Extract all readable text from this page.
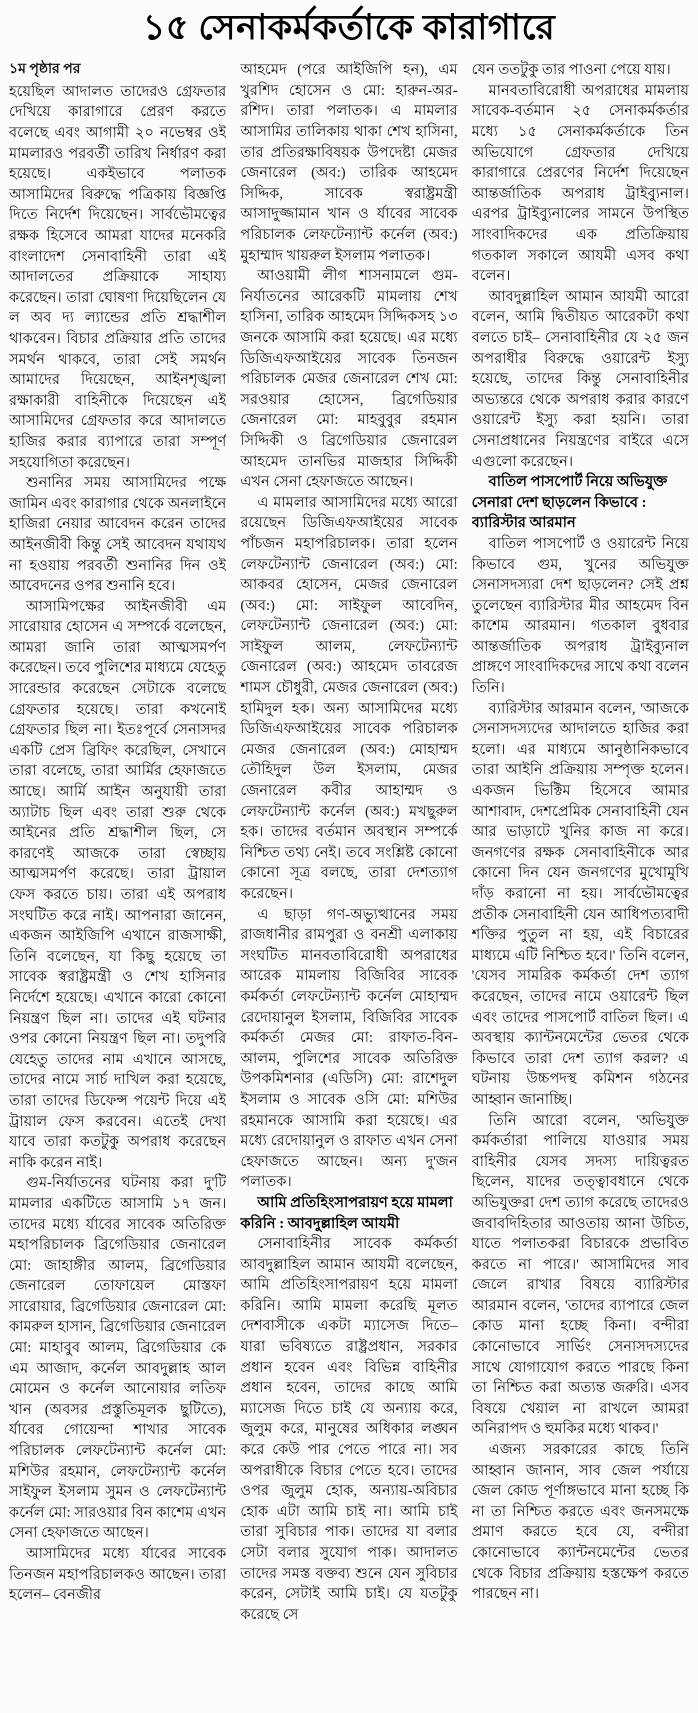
১৫ সেনাকর্মকর্তাকে কারাগারে
১ম পৃষ্ঠার পর

হয়েছিল আদালত তাদেরও গ্রেফতার দেখিয়ে কারাগারে প্রেরণ করতে বলেছে এবং আগামী ২০ নভেম্বর ওই মামলারও পরবর্তী তারিখ নির্ধারণ করা হয়েছে। একইভাবে পলাতক আসামিদের বিরুদ্ধে পত্রিকায় বিজ্ঞপ্তি দিতে নির্দেশ দিয়েছেন। সার্বভৌমত্বের রক্ষক হিসেবে আমরা যাদের মনেকরি বাংলাদেশ সেনাবাহিনী তারা এই আদালতের প্রক্রিয়াকে সাহায্য করেছেন। তারা ঘোষণা দিয়েছিলেন যে ল অব দ্য ল্যান্ডের প্রতি শ্রদ্ধাশীল থাকবেন। বিচার প্রক্রিয়ার প্রতি তাদের সমর্থন থাকবে, তারা সেই সমর্থন আমাদের দিয়েছেন, আইনশৃঙ্খলা রক্ষাকারী বাহিনীকে দিয়েছেন এই আসামিদের গ্রেফতার করে আদালতে হাজির করার ব্যাপারে তারা সম্পূর্ণ সহযোগিতা করেছেন।

শুনানির সময় আসামিদের পক্ষে জামিন এবং কারাগার থেকে অনলাইনে হাজিরা নেয়ার আবেদন করেন তাদের আইনজীবী কিন্তু সেই আবেদন যথাযথ না হওয়ায় পরবর্তী শুনানির দিন ওই আবেদনের ওপর শুনানি হবে।

আসামিপক্ষের আইনজীবী এম সারোয়ার হোসেন এ সম্পর্কে বলেছেন, আমরা জানি তারা আত্মসমর্পণ করেছেন। তবে পুলিশের মাধ্যমে যেহেতু সারেন্ডার করেছেন সেটাকে বলেছে গ্রেফতার হয়েছে। তারা কখনোই গ্রেফতার ছিল না। ইতঃপূর্বে সেনাসদর একটি প্রেস ব্রিফিং করেছিল, সেখানে তারা বলেছে, তারা আর্মির হেফাজতে আছে। আর্মি আইন অনুযায়ী তারা অ্যাটাচ ছিল এবং তারা শুরু থেকে আইনের প্রতি শ্রদ্ধাশীল ছিল, সে কারণেই আজকে তারা স্বেচ্ছায় আত্মসমর্পণ করেছে। তারা ট্রায়াল ফেস করতে চায়। তারা এই অপরাধ সংঘটিত করে নাই। আপনারা জানেন, একজন আইজিপি এখানে রাজসাক্ষী, তিনি বলেছেন, যা কিছু হয়েছে তা সাবেক স্বরাষ্ট্রমন্ত্রী ও শেখ হাসিনার নির্দেশে হয়েছে। এখানে কারো কোনো নিয়ন্ত্রণ ছিল না। তাদের এই ঘটনার ওপর কোনো নিয়ন্ত্রণ ছিল না। তদুপরি যেহেতু তাদের নাম এখানে আসছে, তাদের নামে সার্চ দাখিল করা হয়েছে, তারা তাদের ডিফেন্স পয়েন্ট দিয়ে এই ট্রায়াল ফেস করবেন। এতেই দেখা যাবে তারা কতটুকু অপরাধ করেছেন নাকি করেন নাই।

গুম-নির্যাতনের ঘটনায় করা দু'টি মামলার একটিতে আসামি ১৭ জন। তাদের মধ্যে র্যাবের সাবেক অতিরিক্ত মহাপরিচালক ব্রিগেডিয়ার জেনারেল মো: জাহাঙ্গীর আলম, ব্রিগেডিয়ার জেনারেল তোফায়েল মোস্তফা সারোয়ার, ব্রিগেডিয়ার জেনারেল মো: কামরুল হাসান, ব্রিগেডিয়ার জেনারেল মো: মাহাবুব আলম, ব্রিগেডিয়ার কে এম আজাদ, কর্নেল আবদুল্লাহ আল মোমেন ও কর্নেল আনোয়ার লতিফ খান (অবসর প্রস্তুতিমূলক ছুটিতে), র্যাবের গোয়েন্দা শাখার সাবেক পরিচালক লেফটেন্যান্ট কর্নেল মো: মশিউর রহমান, লেফটেন্যান্ট কর্নেল সাইফুল ইসলাম সুমন ও লেফটেন্যান্ট কর্নেল মো: সারওয়ার বিন কাশেম এখন সেনা হেফাজতে আছেন।

আসামিদের মধ্যে র্যাবের সাবেক তিনজন মহাপরিচালকও আছেন। তারা হলেন– বেনজীর

আহমেদ (পরে আইজিপি হন), এম খুরশিদ হোসেন ও মো: হারুন-অর-রশিদ। তারা পলাতক। এ মামলার আসামির তালিকায় থাকা শেখ হাসিনা, তার প্রতিরক্ষাবিষয়ক উপদেষ্টা মেজর জেনারেল (অব:) তারিক আহমেদ সিদ্দিক, সাবেক স্বরাষ্ট্রমন্ত্রী আসাদুজ্জামান খান ও র্যাবের সাবেক পরিচালক লেফটেন্যান্ট কর্নেল (অব:) মুহাম্মাদ খায়রুল ইসলাম পলাতক।

আওয়ামী লীগ শাসনামলে গুম-নির্যাতনের আরেকটি মামলায় শেখ হাসিনা, তারিক আহমেদ সিদ্দিকসহ ১৩ জনকে আসামি করা হয়েছে। এর মধ্যে ডিজিএফআইয়ের সাবেক তিনজন পরিচালক মেজর জেনারেল শেখ মো: সরওয়ার হোসেন, ব্রিগেডিয়ার জেনারেল মো: মাহবুবুর রহমান সিদ্দিকী ও ব্রিগেডিয়ার জেনারেল আহমেদ তানভির মাজহার সিদ্দিকী এখন সেনা হেফাজতে আছেন।

এ মামলার আসামিদের মধ্যে আরো রয়েছেন ডিজিএফআইয়ের সাবেক পাঁচজন মহাপরিচালক। তারা হলেন লেফটেন্যান্ট জেনারেল (অব:) মো: আকবর হোসেন, মেজর জেনারেল (অব:) মো: সাইফুল আবেদিন, লেফটেন্যান্ট জেনারেল (অব:) মো: সাইফুল আলম, লেফটেন্যান্ট জেনারেল (অব:) আহমেদ তাবরেজ শামস চৌধুরী, মেজর জেনারেল (অব:) হামিদুল হক। অন্য আসামিদের মধ্যে ডিজিএফআইয়ের সাবেক পরিচালক মেজর জেনারেল (অব:) মোহাম্মদ তৌহিদুল উল ইসলাম, মেজর জেনারেল কবীর আহাম্মদ ও লেফটেন্যান্ট কর্নেল (অব:) মখছুরুল হক। তাদের বর্তমান অবস্থান সম্পর্কে নিশ্চিত তথ্য নেই। তবে সংশ্লিষ্ট কোনো কোনো সূত্র বলছে, তারা দেশত্যাগ করেছেন।

এ ছাড়া গণ-অভ্যুত্থানের সময় রাজধানীর রামপুরা ও বনশ্রী এলাকায় সংঘটিত মানবতাবিরোধী অপরাধের আরেক মামলায় বিজিবির সাবেক কর্মকর্তা লেফটেন্যান্ট কর্নেল মোহাম্মদ রেদোয়ানুল ইসলাম, বিজিবির সাবেক কর্মকর্তা মেজর মো: রাফাত-বিন-আলম, পুলিশের সাবেক অতিরিক্ত উপকমিশনার (এডিসি) মো: রাশেদুল ইসলাম ও সাবেক ওসি মো: মশিউর রহমানকে আসামি করা হয়েছে। এর মধ্যে রেদোয়ানুল ও রাফাত এখন সেনা হেফাজতে আছেন। অন্য দু'জন পলাতক।

আমি প্রতিহিংসাপরায়ণ হয়ে মামলা করিনি : আবদুল্লাহিল আযমী

সেনাবাহিনীর সাবেক কর্মকর্তা আবদুল্লাহিল আমান আযমী বলেছেন, আমি প্রতিহিংসাপরায়ণ হয়ে মামলা করিনি। আমি মামলা করেছি মূলত দেশবাসীকে একটা ম্যাসেজ দিতে– যারা ভবিষ্যতে রাষ্ট্রপ্রধান, সরকার প্রধান হবেন এবং বিভিন্ন বাহিনীর প্রধান হবেন, তাদের কাছে আমি ম্যাসেজ দিতে চাই যে অন্যায় করে, জুলুম করে, মানুষের অধিকার লঙ্ঘন করে কেউ পার পেতে পারে না। সব অপরাধীকে বিচার পেতে হবে। তাদের ওপর জুলুম হোক, অন্যায়-অবিচার হোক এটা আমি চাই না। আমি চাই তারা সুবিচার পাক। তাদের যা বলার সেটা বলার সুযোগ পাক। আদালত তাদের সমস্ত বক্তব্য শুনে যেন সুবিচার করেন, সেটাই আমি চাই। যে যতটুকু করেছে সে

যেন ততটুকু তার পাওনা পেয়ে যায়।

মানবতাবিরোধী অপরাধের মামলায় সাবেক-বর্তমান ২৫ সেনাকর্মকর্তার মধ্যে ১৫ সেনাকর্মকর্তাকে তিন অভিযোগে গ্রেফতার দেখিয়ে কারাগারে প্রেরণের নির্দেশ দিয়েছেন আন্তর্জাতিক অপরাধ ট্রাইব্যুনাল। এরপর ট্রাইব্যুনালের সামনে উপস্থিত সাংবাদিকদের এক প্রতিক্রিয়ায় গতকাল সকালে আযমী এসব কথা বলেন।

আবদুল্লাহিল আমান আযমী আরো বলেন, আমি দ্বিতীয়ত আরেকটা কথা বলতে চাই– সেনাবাহিনীর যে ২৫ জন অপরাধীর বিরুদ্ধে ওয়ারেন্ট ইস্যু হয়েছে, তাদের কিন্তু সেনাবাহিনীর অভ্যন্তরে থেকে অপরাধ করার কারণে ওয়ারেন্ট ইস্যু করা হয়নি। তারা সেনাপ্রধানের নিয়ন্ত্রণের বাইরে এসে এগুলো করেছেন।

বাতিল পাসপোর্ট নিয়ে অভিযুক্ত সেনারা দেশ ছাড়লেন কিভাবে : ব্যারিস্টার আরমান

বাতিল পাসপোর্ট ও ওয়ারেন্ট নিয়ে কিভাবে গুম, খুনের অভিযুক্ত সেনাসদস্যরা দেশ ছাড়লেন? সেই প্রশ্ন তুলেছেন ব্যারিস্টার মীর আহমেদ বিন কাশেম আরমান। গতকাল বুধবার আন্তর্জাতিক অপরাধ ট্রাইব্যুনাল প্রাঙ্গণে সাংবাদিকদের সাথে কথা বলেন তিনি।

ব্যারিস্টার আরমান বলেন, 'আজকে সেনাসদস্যদের আদালতে হাজির করা হলো। এর মাধ্যমে আনুষ্ঠানিকভাবে তারা আইনি প্রক্রিয়ায় সম্পৃক্ত হলেন। একজন ভিক্টিম হিসেবে আমার আশাবাদ, দেশপ্রেমিক সেনাবাহিনী যেন আর ভাড়াটে খুনির কাজ না করে। জনগণের রক্ষক সেনাবাহিনীকে আর কোনো দিন যেন জনগণের মুখোমুখি দাঁড় করানো না হয়। সার্বভৌমত্বের প্রতীক সেনাবাহিনী যেন আধিপত্যবাদী শক্তির পুতুল না হয়, এই বিচারের মাধ্যমে এটি নিশ্চিত হবে।' তিনি বলেন, 'যেসব সামরিক কর্মকর্তা দেশ ত্যাগ করেছেন, তাদের নামে ওয়ারেন্ট ছিল এবং তাদের পাসপোর্ট বাতিল ছিল। এ অবস্থায় ক্যান্টনমেন্টের ভেতর থেকে কিভাবে তারা দেশ ত্যাগ করল? এ ঘটনায় উচ্চপদস্থ কমিশন গঠনের আহ্বান জানাচ্ছি।

তিনি আরো বলেন, 'অভিযুক্ত কর্মকর্তারা পালিয়ে যাওয়ার সময় বাহিনীর যেসব সদস্য দায়িত্বরত ছিলেন, যাদের তত্ত্বাবধানে থেকে অভিযুক্তরা দেশ ত্যাগ করেছে তাদেরও জবাবদিহিতার আওতায় আনা উচিত, যাতে পলাতকরা বিচারকে প্রভাবিত করতে না পারে।' আসামিদের সাব জেলে রাখার বিষয়ে ব্যারিস্টার আরমান বলেন, 'তাদের ব্যাপারে জেল কোড মানা হচ্ছে কিনা। বন্দীরা কোনোভাবে সার্ভিং সেনাসদস্যদের সাথে যোগাযোগ করতে পারছে কিনা তা নিশ্চিত করা অত্যন্ত জরুরি। এসব বিষয়ে খেয়াল না রাখলে আমরা অনিরাপদ ও হুমকির মধ্যে থাকব।'

এজন্য সরকারের কাছে তিনি আহ্বান জানান, সাব জেল পর্যায়ে জেল কোড পূর্ণাঙ্গভাবে মানা হচ্ছে কি না তা নিশ্চিত করতে এবং জনসমক্ষে প্রমাণ করতে হবে যে, বন্দীরা কোনোভাবে ক্যান্টনমেন্টের ভেতর থেকে বিচার প্রক্রিয়ায় হস্তক্ষেপ করতে পারছেন না।
